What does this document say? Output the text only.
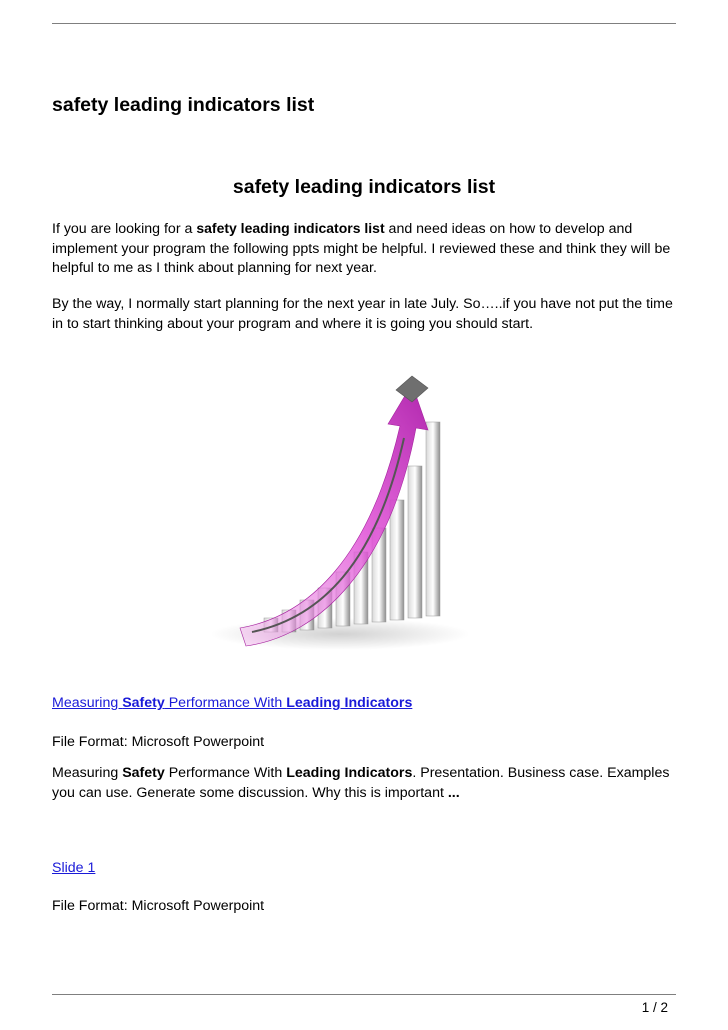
safety leading indicators list
safety leading indicators list

If you are looking for a safety leading indicators list and need ideas on how to develop and implement your program the following ppts might be helpful. I reviewed these and think they will be helpful to me as I think about planning for next year.

By the way, I normally start planning for the next year in late July. So…..if you have not put the time in to start thinking about your program and where it is going you should start.

Measuring Safety Performance With Leading Indicators

File Format: Microsoft Powerpoint

Measuring Safety Performance With Leading Indicators. Presentation. Business case. Examples you can use. Generate some discussion. Why this is important ...

Slide 1

File Format: Microsoft Powerpoint

1 / 2
